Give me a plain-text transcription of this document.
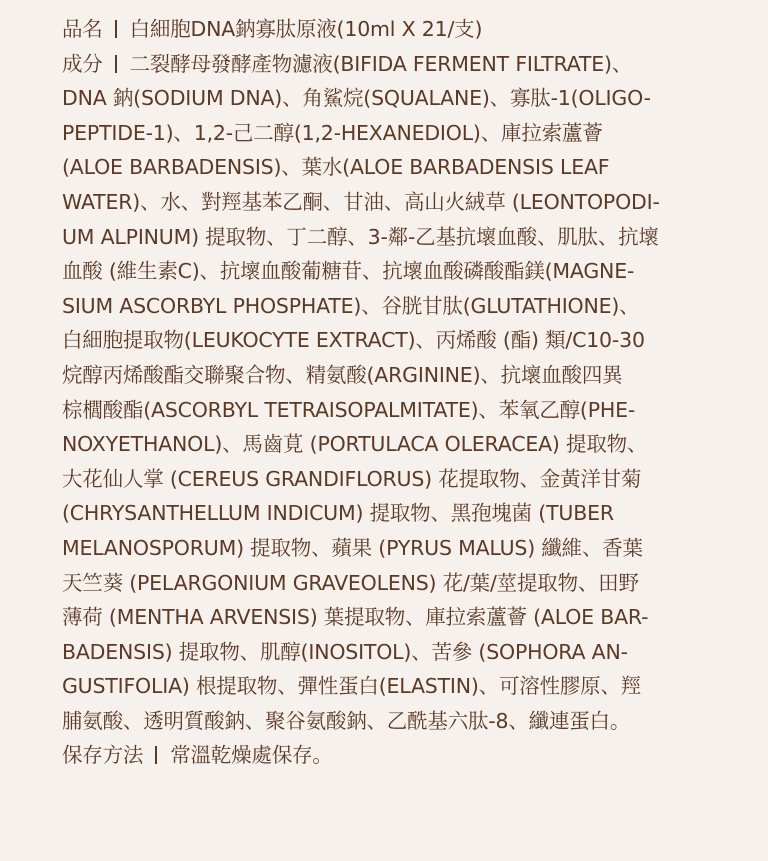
品名 白細胞DNA鈉寡肽原液(10ml X 21/支)
成分 二裂酵母發酵產物濾液(BIFIDA FERMENT FILTRATE)、
DNA 鈉(SODIUM DNA)、角鯊烷(SQUALANE)、寡肽-1(OLIGO-
PEPTIDE-1)、1,2-己二醇(1,2-HEXANEDIOL)、庫拉索蘆薈
(ALOE BARBADENSIS)、葉水(ALOE BARBADENSIS LEAF
WATER)、水、對羥基苯乙酮、甘油、高山火絨草 (LEONTOPODI-
UM ALPINUM) 提取物、丁二醇、3-鄰-乙基抗壞血酸、肌肽、抗壞
血酸 (維生素C)、抗壞血酸葡糖苷、抗壞血酸磷酸酯鎂(MAGNE-
SIUM ASCORBYL PHOSPHATE)、谷胱甘肽(GLUTATHIONE)、
白細胞提取物(LEUKOCYTE EXTRACT)、丙烯酸 (酯) 類/C10-30
烷醇丙烯酸酯交聯聚合物、精氨酸(ARGININE)、抗壞血酸四異
棕櫚酸酯(ASCORBYL TETRAISOPALMITATE)、苯氧乙醇(PHE-
NOXYETHANOL)、馬齒莧 (PORTULACA OLERACEA) 提取物、
大花仙人掌 (CEREUS GRANDIFLORUS) 花提取物、金黃洋甘菊
(CHRYSANTHELLUM INDICUM) 提取物、黑孢塊菌 (TUBER
MELANOSPORUM) 提取物、蘋果 (PYRUS MALUS) 纖維、香葉
天竺葵 (PELARGONIUM GRAVEOLENS) 花/葉/莖提取物、田野
薄荷 (MENTHA ARVENSIS) 葉提取物、庫拉索蘆薈 (ALOE BAR-
BADENSIS) 提取物、肌醇(INOSITOL)、苦參 (SOPHORA AN-
GUSTIFOLIA) 根提取物、彈性蛋白(ELASTIN)、可溶性膠原、羥
脯氨酸、透明質酸鈉、聚谷氨酸鈉、乙酰基六肽-8、纖連蛋白。
保存方法 常溫乾燥處保存。
